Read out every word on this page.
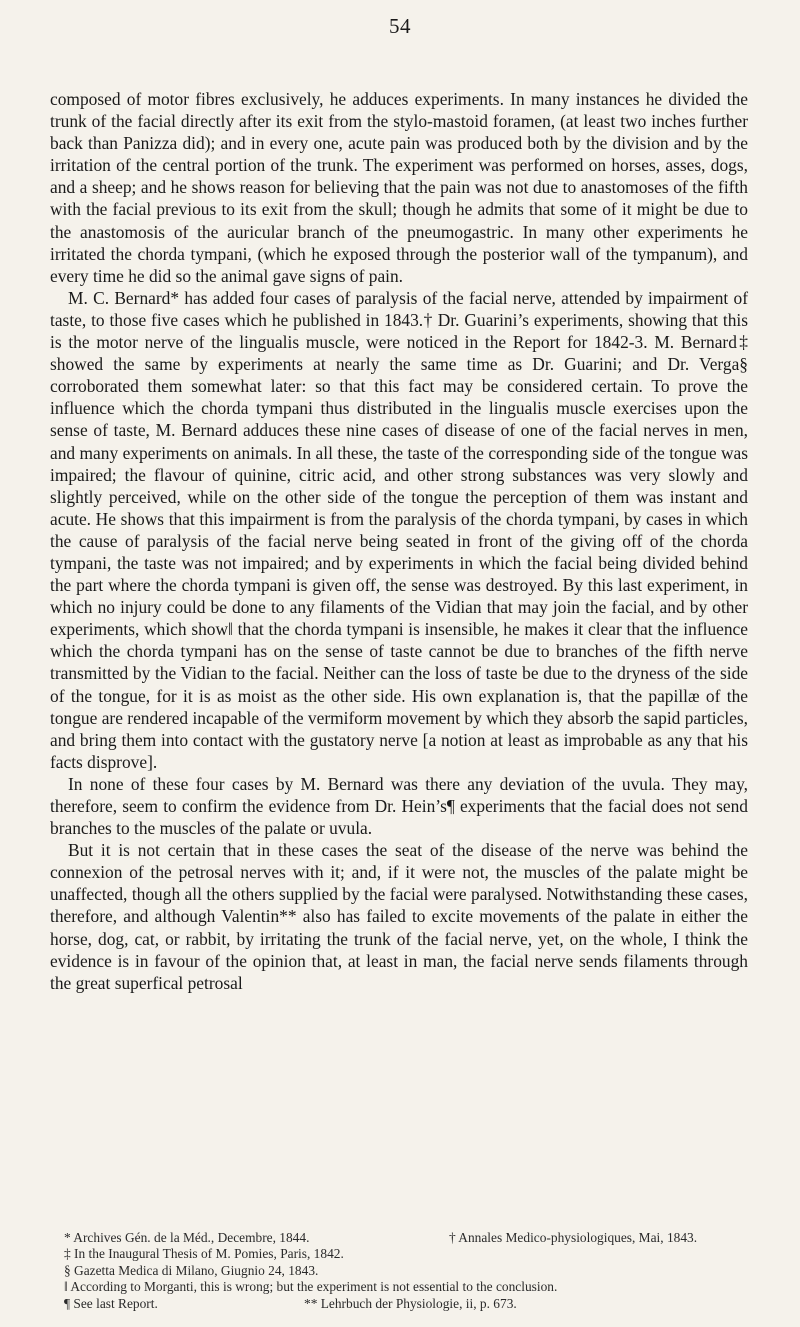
54

composed of motor fibres exclusively, he adduces experiments. In many instances he divided the trunk of the facial directly after its exit from the stylo-mastoid foramen, (at least two inches further back than Panizza did); and in every one, acute pain was produced both by the division and by the irritation of the central portion of the trunk. The experiment was performed on horses, asses, dogs, and a sheep; and he shows reason for believing that the pain was not due to anastomoses of the fifth with the facial previous to its exit from the skull; though he admits that some of it might be due to the anastomosis of the auricular branch of the pneumogastric. In many other experiments he irritated the chorda tympani, (which he exposed through the posterior wall of the tympanum), and every time he did so the animal gave signs of pain.

M. C. Bernard* has added four cases of paralysis of the facial nerve, attended by impairment of taste, to those five cases which he published in 1843.† Dr. Guarini’s experiments, showing that this is the motor nerve of the lingualis muscle, were noticed in the Report for 1842-3. M. Bernard‡ showed the same by experiments at nearly the same time as Dr. Guarini; and Dr. Verga§ corroborated them somewhat later: so that this fact may be considered certain. To prove the influence which the chorda tympani thus distributed in the lingualis muscle exercises upon the sense of taste, M. Bernard adduces these nine cases of disease of one of the facial nerves in men, and many experiments on animals. In all these, the taste of the corresponding side of the tongue was impaired; the flavour of quinine, citric acid, and other strong substances was very slowly and slightly perceived, while on the other side of the tongue the perception of them was instant and acute. He shows that this impairment is from the paralysis of the chorda tympani, by cases in which the cause of paralysis of the facial nerve being seated in front of the giving off of the chorda tympani, the taste was not impaired; and by experiments in which the facial being divided behind the part where the chorda tympani is given off, the sense was destroyed. By this last experiment, in which no injury could be done to any filaments of the Vidian that may join the facial, and by other experiments, which show‖ that the chorda tympani is insensible, he makes it clear that the influence which the chorda tympani has on the sense of taste cannot be due to branches of the fifth nerve transmitted by the Vidian to the facial. Neither can the loss of taste be due to the dryness of the side of the tongue, for it is as moist as the other side. His own explanation is, that the papillæ of the tongue are rendered incapable of the vermiform movement by which they absorb the sapid particles, and bring them into contact with the gustatory nerve [a notion at least as improbable as any that his facts disprove].

In none of these four cases by M. Bernard was there any deviation of the uvula. They may, therefore, seem to confirm the evidence from Dr. Hein’s¶ experiments that the facial does not send branches to the muscles of the palate or uvula.

But it is not certain that in these cases the seat of the disease of the nerve was behind the connexion of the petrosal nerves with it; and, if it were not, the muscles of the palate might be unaffected, though all the others supplied by the facial were paralysed. Notwithstanding these cases, therefore, and although Valentin** also has failed to excite movements of the palate in either the horse, dog, cat, or rabbit, by irritating the trunk of the facial nerve, yet, on the whole, I think the evidence is in favour of the opinion that, at least in man, the facial nerve sends filaments through the great superfical petrosal

* Archives Gén. de la Méd., Decembre, 1844.	† Annales Medico-physiologiques, Mai, 1843.
‡ In the Inaugural Thesis of M. Pomies, Paris, 1842.
§ Gazetta Medica di Milano, Giugnio 24, 1843.
‖ According to Morganti, this is wrong; but the experiment is not essential to the conclusion.
¶ See last Report.	** Lehrbuch der Physiologie, ii, p. 673.
